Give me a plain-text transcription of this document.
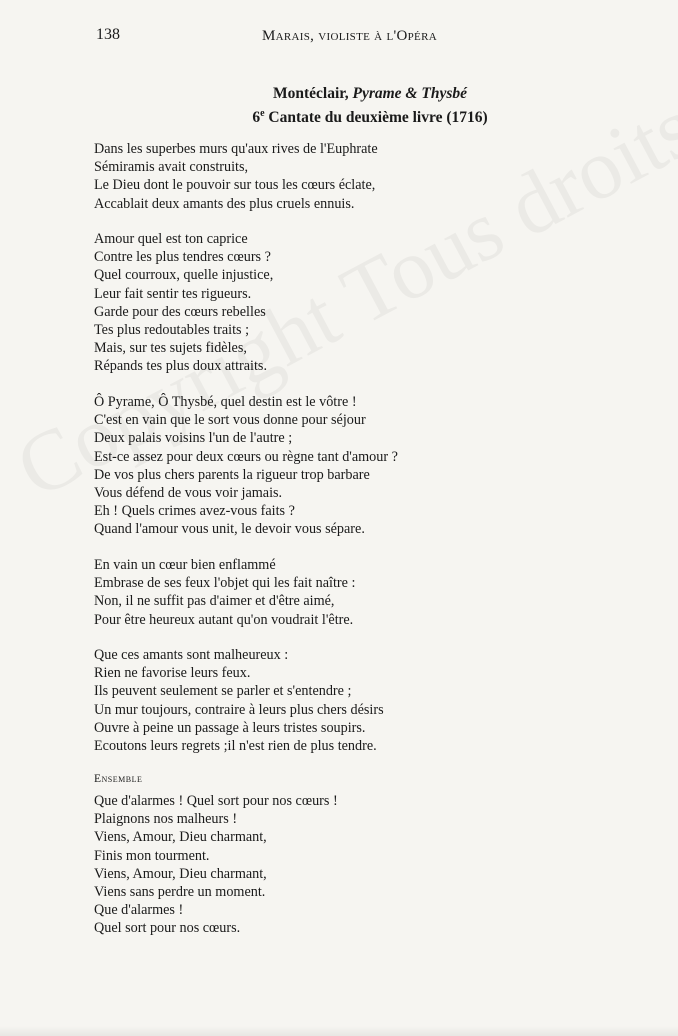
138	Marais, violiste à l'Opéra
Montéclair, Pyrame & Thysbé
6e Cantate du deuxième livre (1716)
Dans les superbes murs qu'aux rives de l'Euphrate
Sémiramis avait construits,
Le Dieu dont le pouvoir sur tous les cœurs éclate,
Accablait deux amants des plus cruels ennuis.
Amour quel est ton caprice
Contre les plus tendres cœurs ?
Quel courroux, quelle injustice,
Leur fait sentir tes rigueurs.
Garde pour des cœurs rebelles
Tes plus redoutables traits ;
Mais, sur tes sujets fidèles,
Répands tes plus doux attraits.
Ô Pyrame, Ô Thysbé, quel destin est le vôtre !
C'est en vain que le sort vous donne pour séjour
Deux palais voisins l'un de l'autre ;
Est-ce assez pour deux cœurs ou règne tant d'amour ?
De vos plus chers parents la rigueur trop barbare
Vous défend de vous voir jamais.
Eh ! Quels crimes avez-vous faits ?
Quand l'amour vous unit, le devoir vous sépare.
En vain un cœur bien enflammé
Embrase de ses feux l'objet qui les fait naître :
Non, il ne suffit pas d'aimer et d'être aimé,
Pour être heureux autant qu'on voudrait l'être.
Que ces amants sont malheureux :
Rien ne favorise leurs feux.
Ils peuvent seulement se parler et s'entendre ;
Un mur toujours, contraire à leurs plus chers désirs
Ouvre à peine un passage à leurs tristes soupirs.
Ecoutons leurs regrets ;il n'est rien de plus tendre.
Ensemble
Que d'alarmes ! Quel sort pour nos cœurs !
Plaignons nos malheurs !
Viens, Amour, Dieu charmant,
Finis mon tourment.
Viens, Amour, Dieu charmant,
Viens sans perdre un moment.
Que d'alarmes !
Quel sort pour nos cœurs.
